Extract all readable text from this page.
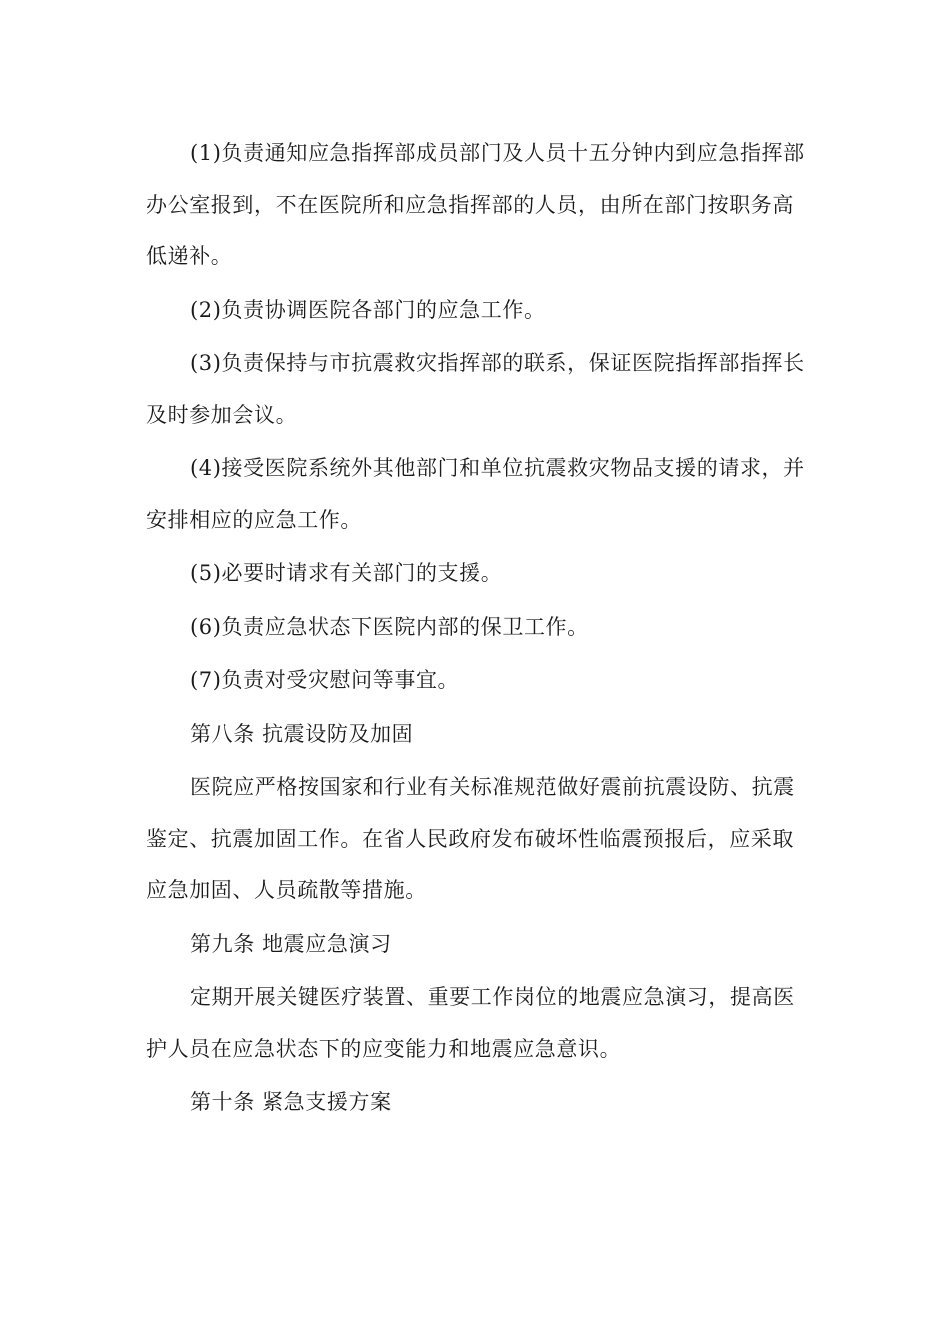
(1)负责通知应急指挥部成员部门及人员十五分钟内到应急指挥部办公室报到，不在医院所和应急指挥部的人员，由所在部门按职务高低递补。

(2)负责协调医院各部门的应急工作。

(3)负责保持与市抗震救灾指挥部的联系，保证医院指挥部指挥长及时参加会议。

(4)接受医院系统外其他部门和单位抗震救灾物品支援的请求，并安排相应的应急工作。

(5)必要时请求有关部门的支援。

(6)负责应急状态下医院内部的保卫工作。

(7)负责对受灾慰问等事宜。

第八条 抗震设防及加固

医院应严格按国家和行业有关标准规范做好震前抗震设防、抗震鉴定、抗震加固工作。在省人民政府发布破坏性临震预报后，应采取应急加固、人员疏散等措施。

第九条 地震应急演习

定期开展关键医疗装置、重要工作岗位的地震应急演习，提高医护人员在应急状态下的应变能力和地震应急意识。

第十条 紧急支援方案
